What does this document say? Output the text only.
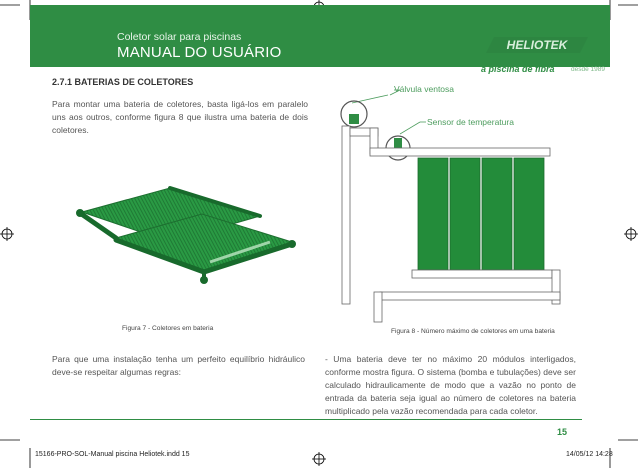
Coletor solar para piscinas
MANUAL DO USUÁRIO	HELIOTEK
a piscina de fibra	desde 1989
2.7.1 BATERIAS DE COLETORES
Para montar uma bateria de coletores, basta ligá-los em paralelo uns aos outros, conforme figura 8 que ilustra uma bateria de dois coletores.
Figura 7 - Coletores em bateria
Válvula ventosa
Sensor de temperatura
Figura 8 - Número máximo de coletores em uma bateria
Para que uma instalação tenha um perfeito equilíbrio hidráulico deve-se respeitar algumas regras:
- Uma bateria deve ter no máximo 20 módulos interligados, conforme mostra figura. O sistema (bomba e tubulações) deve ser calculado hidraulicamente de modo que a vazão no ponto de entrada da bateria seja igual ao número de coletores na bateria multiplicado pela vazão recomendada para cada coletor.
15
15166-PRO-SOL-Manual piscina Heliotek.indd 15	14/05/12 14:28
